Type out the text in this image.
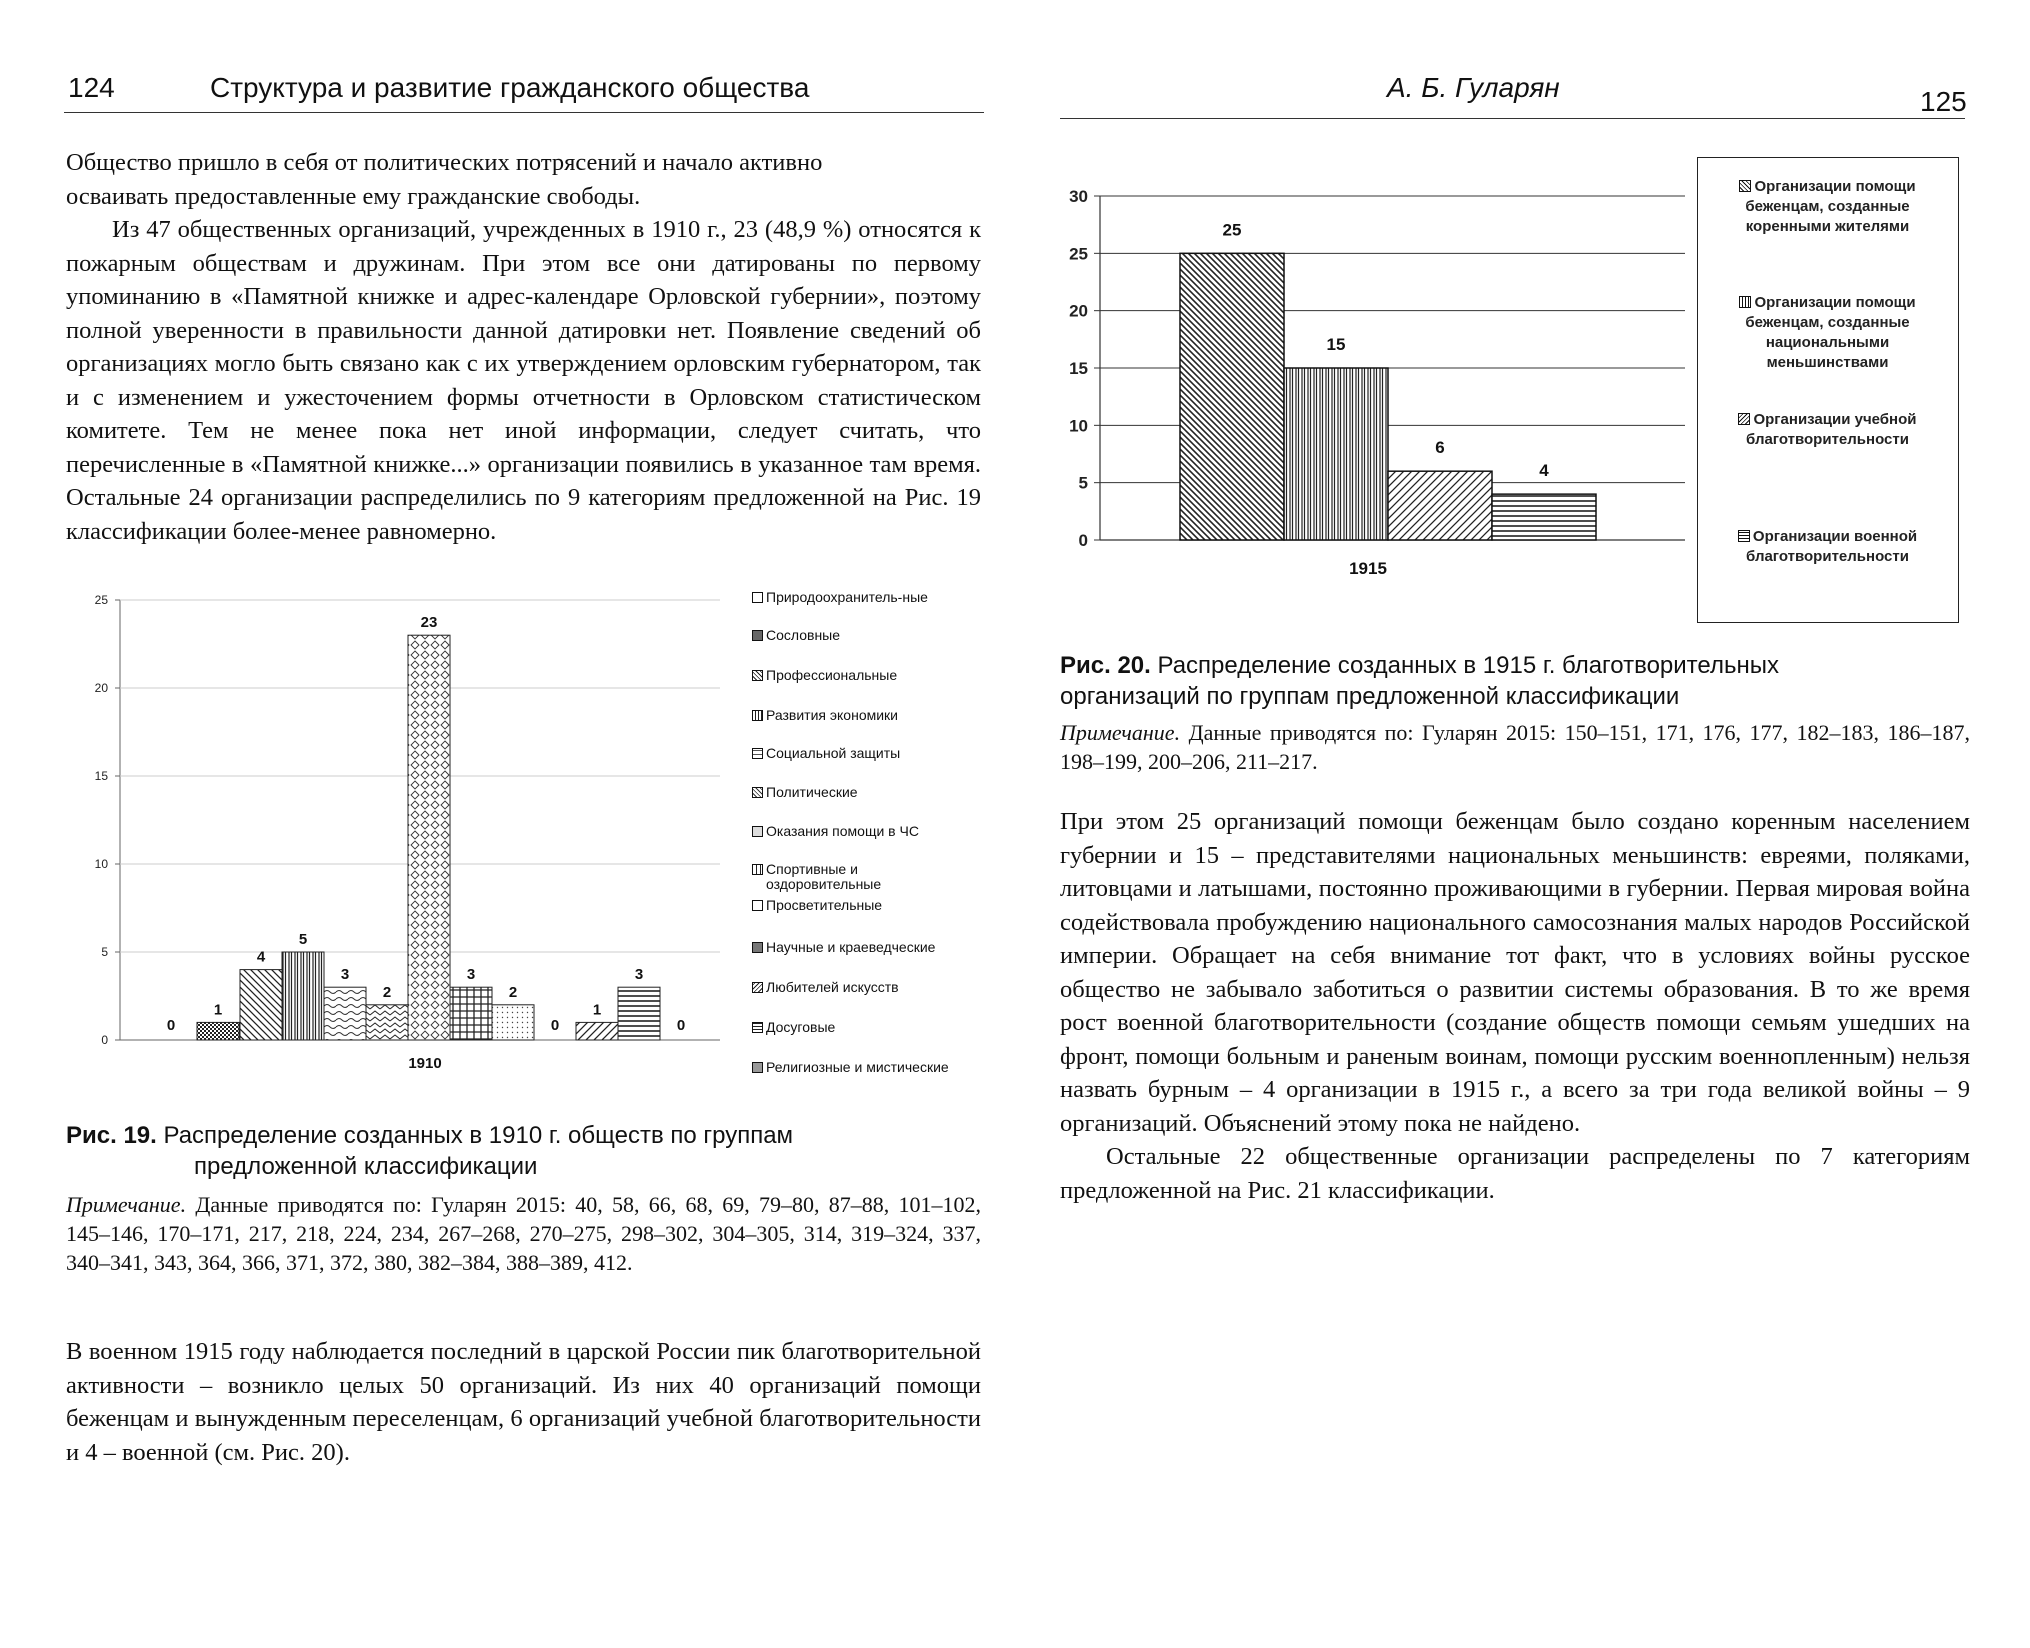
124	Структура и развитие гражданского общества

Общество пришло в себя от политических потрясений и начало активно

осваивать предоставленные ему гражданские свободы.

Из 47 общественных организаций, учрежденных в 1910 г., 23 (48,9 %) относятся к пожарным обществам и дружинам. При этом все они датированы по первому упоминанию в «Памятной книжке и адрес-календаре Орловской губернии», поэтому полной уверенности в правильности данной датировки нет. Появление сведений об организациях могло быть связано как с их утверждением орловским губернатором, так и с изменением и ужесточением формы отчетности в Орловском статистическом комитете. Тем не менее пока нет иной информации, следует считать, что перечисленные в «Памятной книжке...» организации появились в указанное там время. Остальные 24 организации распределились по 9 категориям предложенной на Рис. 19 классификации более-менее равномерно.

0
5
10
15
20
25
0
1
4
5
3
2
23
3
2
0
1
3
0
1910
Природоохранитель-ные
Сословные
Профессиональные
Развития экономики
Социальной защиты
Политические
Оказания помощи в ЧС
Спортивные и оздоровительные
Просветительные
Научные и краеведческие
Любителей искусств
Досуговые
Религиозные и мистические
Рис. 19. Распределение созданных в 1910 г. обществ по группам
предложенной классификации
Примечание. Данные приводятся по: Гуларян 2015: 40, 58, 66, 68, 69, 79–80, 87–88, 101–102, 145–146, 170–171, 217, 218, 224, 234, 267–268, 270–275, 298–302, 304–305, 314, 319–324, 337, 340–341, 343, 364, 366, 371, 372, 380, 382–384, 388–389, 412.

В военном 1915 году наблюдается последний в царской России пик благотворительной активности – возникло целых 50 организаций. Из них 40 организаций помощи беженцам и вынужденным переселенцам, 6 организаций учебной благотворительности и 4 – военной (см. Рис. 20).

А. Б. Гуларян	125
0
5
10
15
20
25
30
25
15
6
4
1915
Организации помощи беженцам, созданные коренными жителями
Организации помощи беженцам, созданные национальными меньшинствами
Организации учебной благотворительности
Организации военной благотворительности
Рис. 20. Распределение созданных в 1915 г. благотворительных
организаций по группам предложенной классификации
Примечание. Данные приводятся по: Гуларян 2015: 150–151, 171, 176, 177, 182–183, 186–187, 198–199, 200–206, 211–217.

При этом 25 организаций помощи беженцам было создано коренным населением губернии и 15 – представителями национальных меньшинств: евреями, поляками, литовцами и латышами, постоянно проживающими в губернии. Первая мировая война содействовала пробуждению национального самосознания малых народов Российской империи. Обращает на себя внимание тот факт, что в условиях войны русское общество не забывало заботиться о развитии системы образования. В то же время рост военной благотворительности (создание обществ помощи семьям ушедших на фронт, помощи больным и раненым воинам, помощи русским военнопленным) нельзя назвать бурным – 4 организации в 1915 г., а всего за три года великой войны – 9 организаций. Объяснений этому пока не найдено.

Остальные 22 общественные организации распределены по 7 категориям предложенной на Рис. 21 классификации.
